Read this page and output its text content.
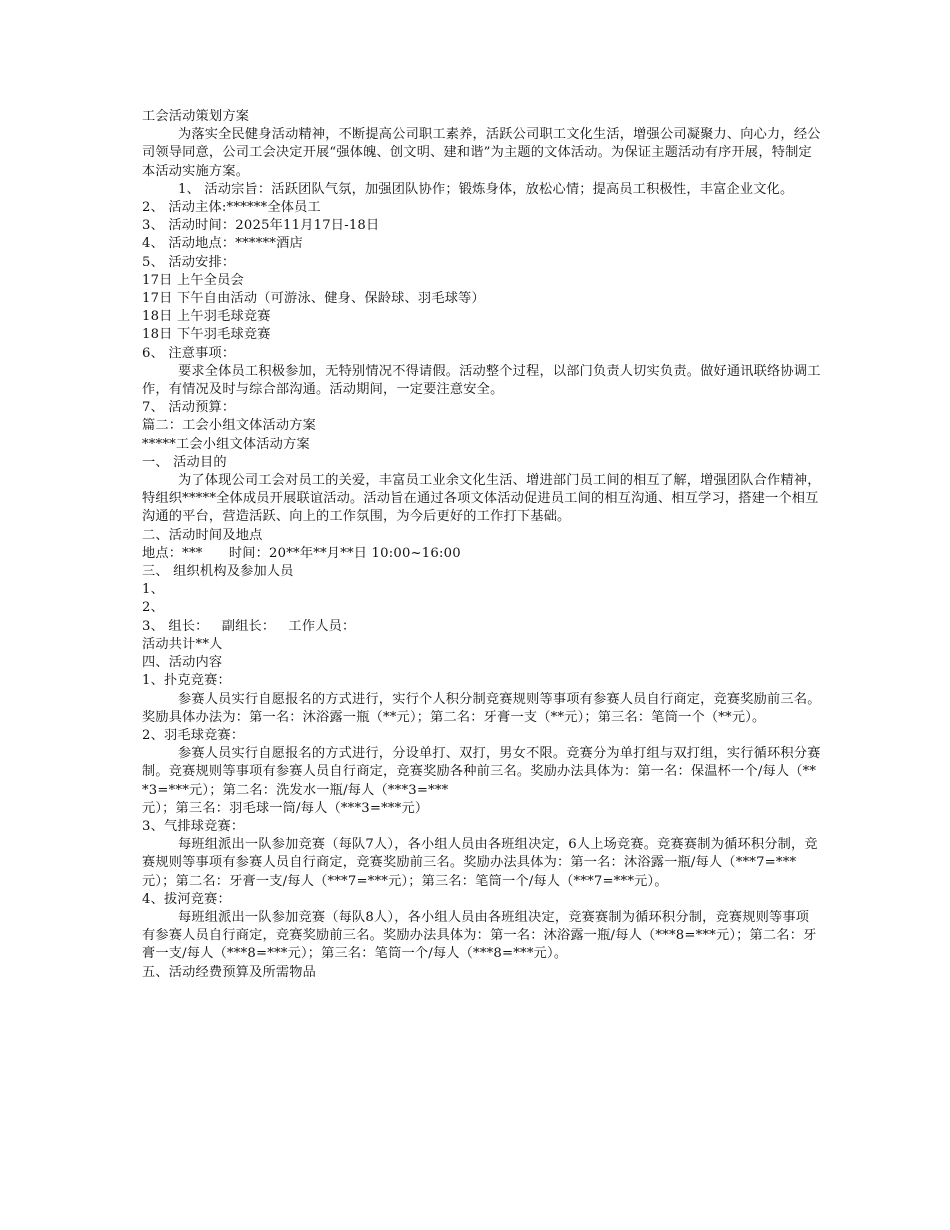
工会活动策划方案

为落实全民健身活动精神，不断提高公司职工素养，活跃公司职工文化生活，增强公司凝聚力、向心力，经公司领导同意，公司工会决定开展“强体魄、创文明、建和谐”为主题的文体活动。为保证主题活动有序开展，特制定本活动实施方案。

1、 活动宗旨：活跃团队气氛，加强团队协作；锻炼身体，放松心情；提高员工积极性，丰富企业文化。

2、 活动主体:******全体员工

3、 活动时间：2025年11月17日-18日

4、 活动地点：******酒店

5、 活动安排：

17日 上午全员会

17日 下午自由活动（可游泳、健身、保龄球、羽毛球等）

18日 上午羽毛球竞赛

18日 下午羽毛球竞赛

6、 注意事项：

要求全体员工积极参加，无特别情况不得请假。活动整个过程，以部门负责人切实负责。做好通讯联络协调工作，有情况及时与综合部沟通。活动期间，一定要注意安全。

7、 活动预算：

篇二：工会小组文体活动方案

*****工会小组文体活动方案

一、 活动目的

为了体现公司工会对员工的关爱，丰富员工业余文化生活、增进部门员工间的相互了解，增强团队合作精神，特组织*****全体成员开展联谊活动。活动旨在通过各项文体活动促进员工间的相互沟通、相互学习，搭建一个相互沟通的平台，营造活跃、向上的工作氛围，为今后更好的工作打下基础。

二、活动时间及地点

地点：***      时间：20**年**月**日 10:00~16:00

三、 组织机构及参加人员

1、

2、

3、 组长：   副组长：   工作人员：

活动共计**人

四、活动内容

1、扑克竞赛：

参赛人员实行自愿报名的方式进行，实行个人积分制竞赛规则等事项有参赛人员自行商定，竞赛奖励前三名。奖励具体办法为：第一名：沐浴露一瓶（**元）；第二名：牙膏一支（**元）；第三名：笔筒一个（**元）。

2、羽毛球竞赛：

参赛人员实行自愿报名的方式进行，分设单打、双打，男女不限。竞赛分为单打组与双打组，实行循环积分赛制。竞赛规则等事项有参赛人员自行商定，竞赛奖励各种前三名。奖励办法具体为：第一名：保温杯一个/每人（***3=***元）；第二名：洗发水一瓶/每人（***3=***

元）；第三名：羽毛球一筒/每人（***3=***元）

3、气排球竞赛：

每班组派出一队参加竞赛（每队7人），各小组人员由各班组决定，6人上场竞赛。竞赛赛制为循环积分制，竞赛规则等事项有参赛人员自行商定，竞赛奖励前三名。奖励办法具体为：第一名：沐浴露一瓶/每人（***7=***元）；第二名：牙膏一支/每人（***7=***元）；第三名：笔筒一个/每人（***7=***元）。

4、拔河竞赛：

每班组派出一队参加竞赛（每队8人），各小组人员由各班组决定，竞赛赛制为循环积分制，竞赛规则等事项有参赛人员自行商定，竞赛奖励前三名。奖励办法具体为：第一名：沐浴露一瓶/每人（***8=***元）；第二名：牙膏一支/每人（***8=***元）；第三名：笔筒一个/每人（***8=***元）。

五、活动经费预算及所需物品
